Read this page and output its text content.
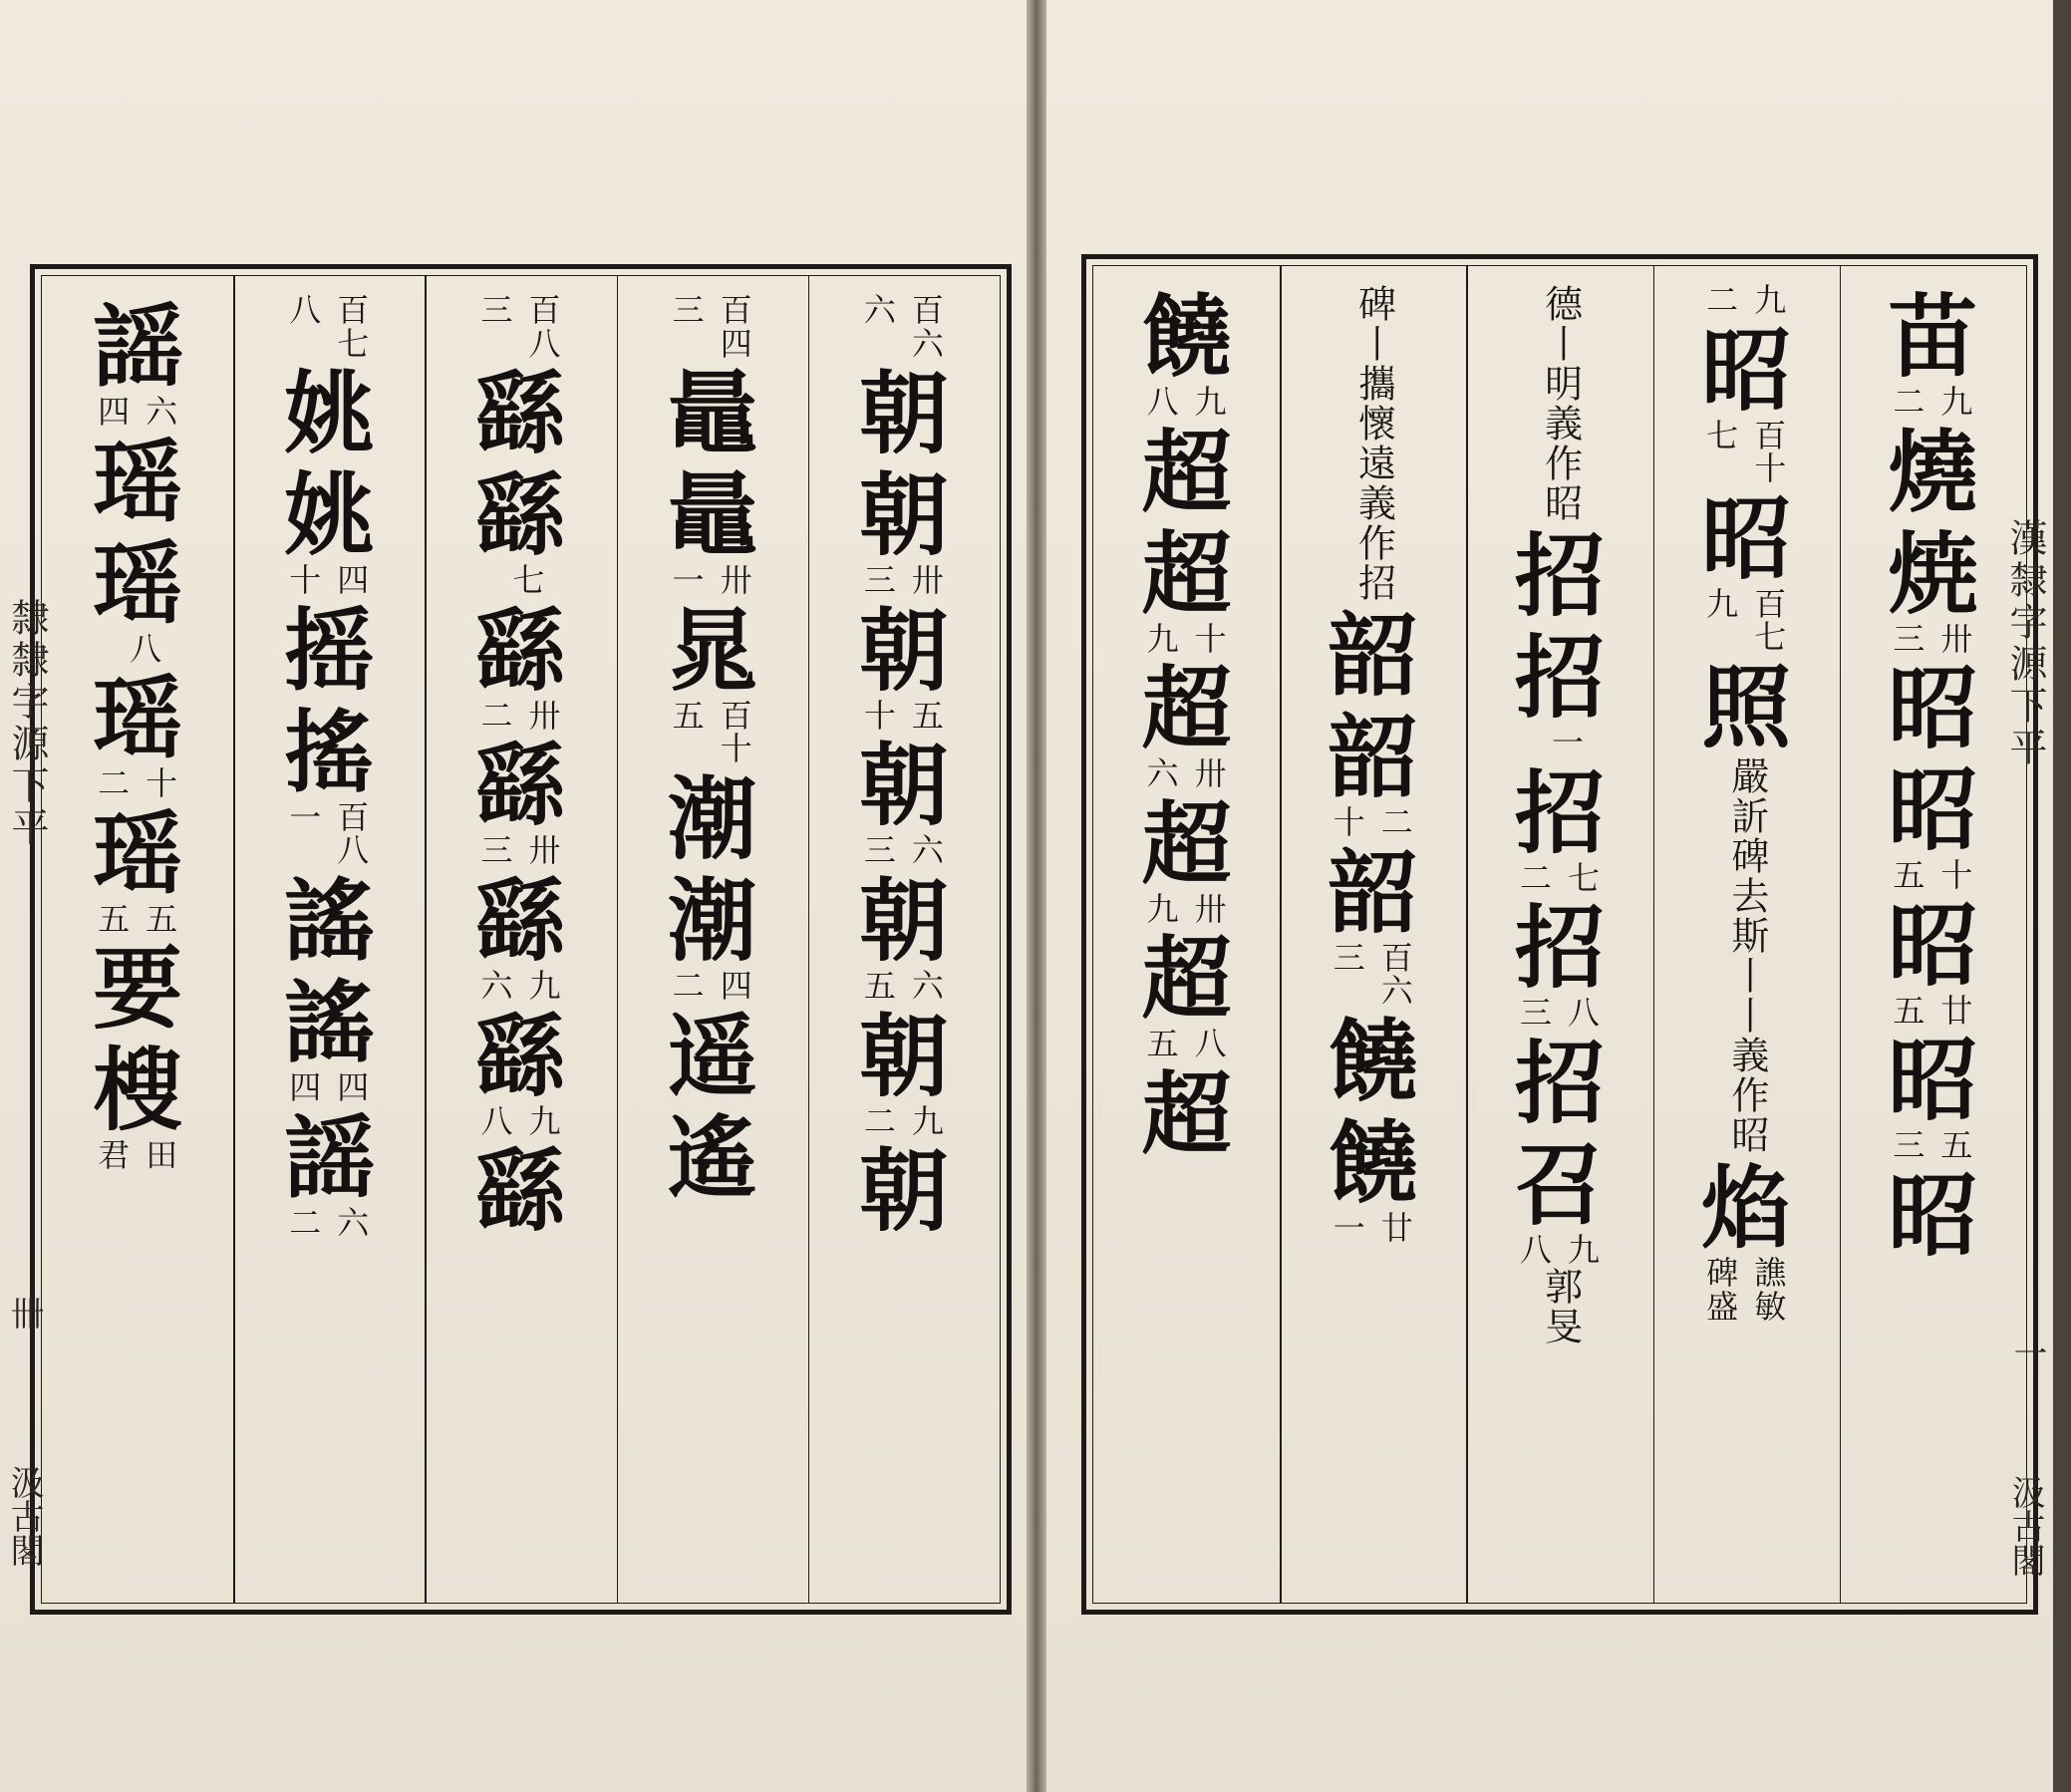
百
六
六
朝
朝
卅
三
朝
五
十
朝
六
三
朝
六
五
朝
九
二
朝
百
四
三
鼂
鼂
卅
一
晁
百
十
五
潮
潮
四
二
遥
遙
百
八
三
繇
繇
七
繇
卅
二
繇
卅
三
繇
九
六
繇
九
八
繇
百
七
八
姚
姚
四
十
摇
搖
百
八
一
謠
謠
四
四
謡
六
二
謡
六
四
瑶
瑶
八
瑶
十
二
瑶
五
五
要
㮴
田
君
隸隸字源下平
卌
汲古閣
苗
九
二
燒
焼
卅
三
昭
昭
十
五
昭
廿
五
昭
五
三
昭
九
二
昭
百
十
七
昭
百
七
九
照
嚴訢碑去斯
丨丨義作昭
焰
譙
敏
碑
盛
德丨明
義作昭
招
招
一
招
七
二
招
八
三
招
召
九
八
郭旻
碑丨攜懷
遠義作招
韶
韶
二
十
韶
百
六
三
饒
饒
廿
一
饒
九
八
超
超
十
九
超
卅
六
超
卅
九
超
八
五
超
漢隸字源下平
一
汲古閣
